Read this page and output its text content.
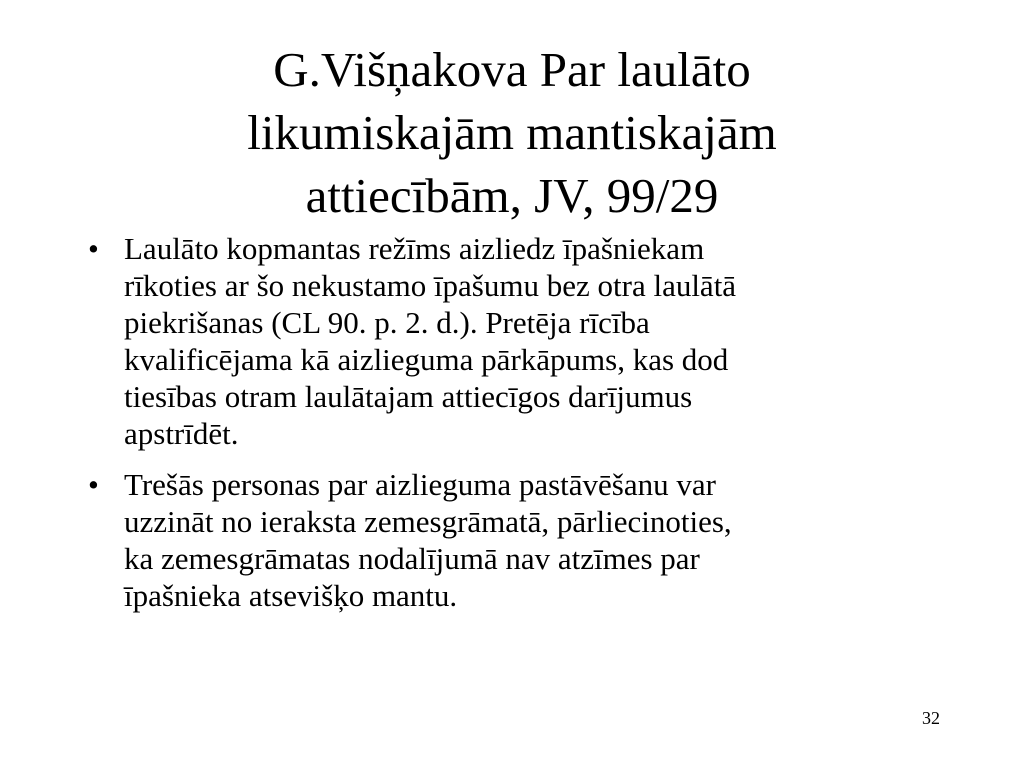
G.Višņakova Par laulāto
likumiskajām mantiskajām
attiecībām, JV, 99/29
• Laulāto kopmantas režīms aizliedz īpašniekam
rīkoties ar šo nekustamo īpašumu bez otra laulātā
piekrišanas (CL 90. p. 2. d.). Pretēja rīcība
kvalificējama kā aizlieguma pārkāpums, kas dod
tiesības otram laulātajam attiecīgos darījumus
apstrīdēt.
• Trešās personas par aizlieguma pastāvēšanu var
uzzināt no ieraksta zemesgrāmatā, pārliecinoties,
ka zemesgrāmatas nodalījumā nav atzīmes par
īpašnieka atsevišķo mantu.
32
